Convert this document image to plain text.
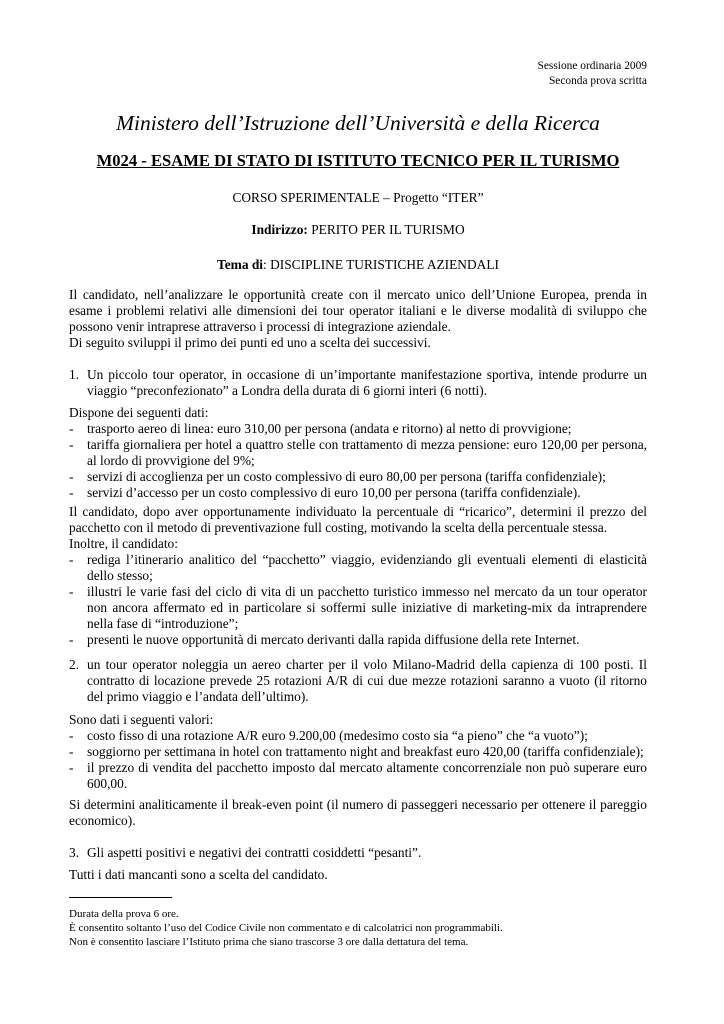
Sessione ordinaria 2009
Seconda prova scritta
Ministero dell’Istruzione dell’Università e della Ricerca
M024 - ESAME DI STATO DI ISTITUTO TECNICO PER IL TURISMO
CORSO SPERIMENTALE – Progetto “ITER”
Indirizzo: PERITO PER IL TURISMO
Tema di: DISCIPLINE TURISTICHE AZIENDALI
Il candidato, nell’analizzare le opportunità create con il mercato unico dell’Unione Europea, prenda in esame i problemi relativi alle dimensioni dei tour operator italiani e le diverse modalità di sviluppo che possono venir intraprese attraverso i processi di integrazione aziendale.
Di seguito sviluppi il primo dei punti ed uno a scelta dei successivi.
1. Un piccolo tour operator, in occasione di un’importante manifestazione sportiva, intende produrre un viaggio “preconfezionato” a Londra della durata di 6 giorni interi (6 notti).
Dispone dei seguenti dati:
- trasporto aereo di linea: euro 310,00 per persona (andata e ritorno) al netto di provvigione;
- tariffa giornaliera per hotel a quattro stelle con trattamento di mezza pensione: euro 120,00 per persona, al lordo di provvigione del 9%;
- servizi di accoglienza per un costo complessivo di euro 80,00 per persona (tariffa confidenziale);
- servizi d’accesso per un costo complessivo di euro 10,00 per persona (tariffa confidenziale).
Il candidato, dopo aver opportunamente individuato la percentuale di “ricarico”, determini il prezzo del pacchetto con il metodo di preventivazione full costing, motivando la scelta della percentuale stessa.
Inoltre, il candidato:
- rediga l’itinerario analitico del “pacchetto” viaggio, evidenziando gli eventuali elementi di elasticità dello stesso;
- illustri le varie fasi del ciclo di vita di un pacchetto turistico immesso nel mercato da un tour operator non ancora affermato ed in particolare si soffermi sulle iniziative di marketing-mix da intraprendere nella fase di “introduzione”;
- presenti le nuove opportunità di mercato derivanti dalla rapida diffusione della rete Internet.
2. un tour operator noleggia un aereo charter per il volo Milano-Madrid della capienza di 100 posti. Il contratto di locazione prevede 25 rotazioni A/R di cui due mezze rotazioni saranno a vuoto (il ritorno del primo viaggio e l’andata dell’ultimo).
Sono dati i seguenti valori:
- costo fisso di una rotazione A/R euro 9.200,00 (medesimo costo sia “a pieno” che “a vuoto”);
- soggiorno per settimana in hotel con trattamento night and breakfast euro 420,00 (tariffa confidenziale);
- il prezzo di vendita del pacchetto imposto dal mercato altamente concorrenziale non può superare euro 600,00.
Si determini analiticamente il break-even point (il numero di passeggeri necessario per ottenere il pareggio economico).
3. Gli aspetti positivi e negativi dei contratti cosiddetti “pesanti”.
Tutti i dati mancanti sono a scelta del candidato.
Durata della prova 6 ore.
È consentito soltanto l’uso del Codice Civile non commentato e di calcolatrici non programmabili.
Non è consentito lasciare l’Istituto prima che siano trascorse 3 ore dalla dettatura del tema.
